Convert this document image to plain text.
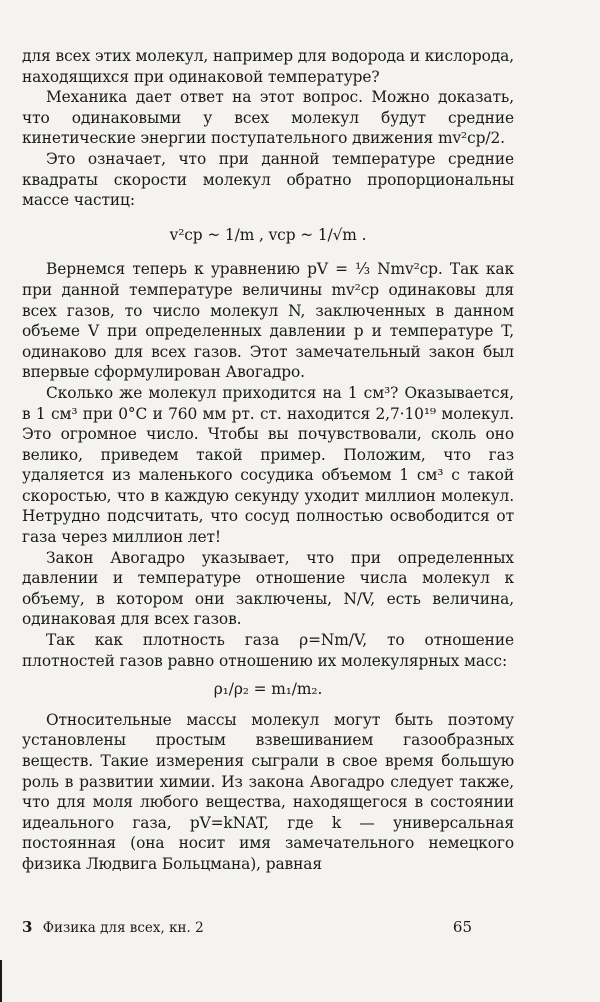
для всех этих молекул, например для водорода и кислорода, находящихся при одинаковой температуре?

Механика дает ответ на этот вопрос. Можно доказать, что одинаковыми у всех молекул будут средние кинетические энергии поступательного движения mv²ср/2.

Это означает, что при данной температуре средние квадраты скорости молекул обратно пропорциональны массе частиц:

v²ср ~ 1/m , vср ~ 1/√m .

Вернемся теперь к уравнению pV = ⅓ Nmv²ср. Так как при данной температуре величины mv²ср одинаковы для всех газов, то число молекул N, заключенных в данном объеме V при определенных давлении p и температуре T, одинаково для всех газов. Этот замечательный закон был впервые сформулирован Авогадро.

Сколько же молекул приходится на 1 см³? Оказывается, в 1 см³ при 0°C и 760 мм рт. ст. находится 2,7·10¹⁹ молекул. Это огромное число. Чтобы вы почувствовали, сколь оно велико, приведем такой пример. Положим, что газ удаляется из маленького сосудика объемом 1 см³ с такой скоростью, что в каждую секунду уходит миллион молекул. Нетрудно подсчитать, что сосуд полностью освободится от газа через миллион лет!

Закон Авогадро указывает, что при определенных давлении и температуре отношение числа молекул к объему, в котором они заключены, N/V, есть величина, одинаковая для всех газов.

Так как плотность газа ρ=Nm/V, то отношение плотностей газов равно отношению их молекулярных масс:

ρ₁/ρ₂ = m₁/m₂.

Относительные массы молекул могут быть поэтому установлены простым взвешиванием газообразных веществ. Такие измерения сыграли в свое время большую роль в развитии химии. Из закона Авогадро следует также, что для моля любого вещества, находящегося в состоянии идеального газа, pV=kNAT, где k — универсальная постоянная (она носит имя замечательного немецкого физика Людвига Больцмана), равная

3 Физика для всех, кн. 2	65
